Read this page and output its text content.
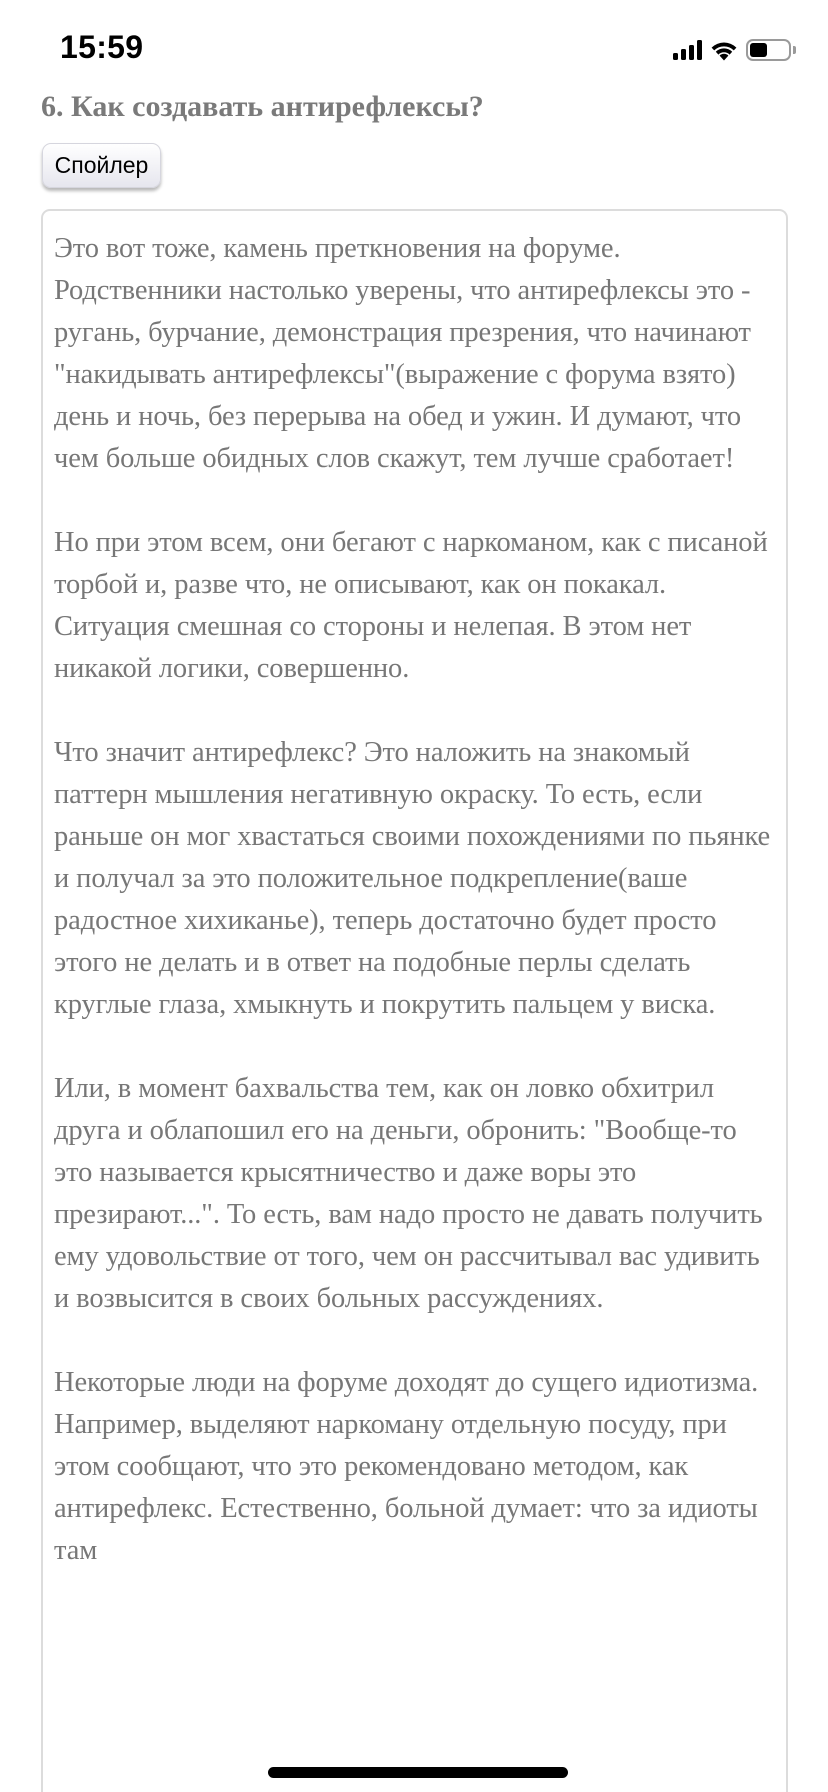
15:59
6. Как создавать антирефлексы?
Спойлер

Это вот тоже, камень преткновения на форуме. Родственники настолько уверены, что антирефлексы это - ругань, бурчание, демонстрация презрения, что начинают "накидывать антирефлексы"(выражение с форума взято) день и ночь, без перерыва на обед и ужин. И думают, что чем больше обидных слов скажут, тем лучше сработает!

Но при этом всем, они бегают с наркоманом, как с писаной торбой и, разве что, не описывают, как он покакал. Ситуация смешная со стороны и нелепая. В этом нет никакой логики, совершенно.

Что значит антирефлекс? Это наложить на знакомый паттерн мышления негативную окраску. То есть, если раньше он мог хвастаться своими похождениями по пьянке и получал за это положительное подкрепление(ваше радостное хихиканье), теперь достаточно будет просто этого не делать и в ответ на подобные перлы сделать круглые глаза, хмыкнуть и покрутить пальцем у виска.

Или, в момент бахвальства тем, как он ловко обхитрил друга и облапошил его на деньги, обронить: "Вообще-то это называется крысятничество и даже воры это презирают...". То есть, вам надо просто не давать получить ему удовольствие от того, чем он рассчитывал вас удивить и возвысится в своих больных рассуждениях.

Некоторые люди на форуме доходят до сущего идиотизма. Например, выделяют наркоману отдельную посуду, при этом сообщают, что это рекомендовано методом, как антирефлекс. Естественно, больной думает: что за идиоты там
